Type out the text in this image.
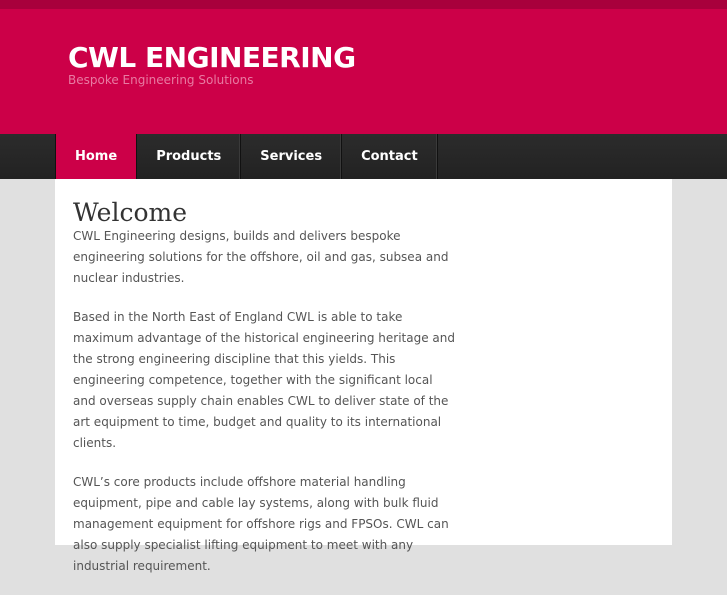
CWL ENGINEERING
Bespoke Engineering Solutions
Home	Products	Services	Contact
Welcome

CWL Engineering designs, builds and delivers bespoke engineering solutions for the offshore, oil and gas, subsea and nuclear industries.

Based in the North East of England CWL is able to take maximum advantage of the historical engineering heritage and the strong engineering discipline that this yields. This engineering competence, together with the significant local and overseas supply chain enables CWL to deliver state of the art equipment to time, budget and quality to its international clients.

CWL’s core products include offshore material handling equipment, pipe and cable lay systems, along with bulk fluid management equipment for offshore rigs and FPSOs. CWL can also supply specialist lifting equipment to meet with any industrial requirement.
